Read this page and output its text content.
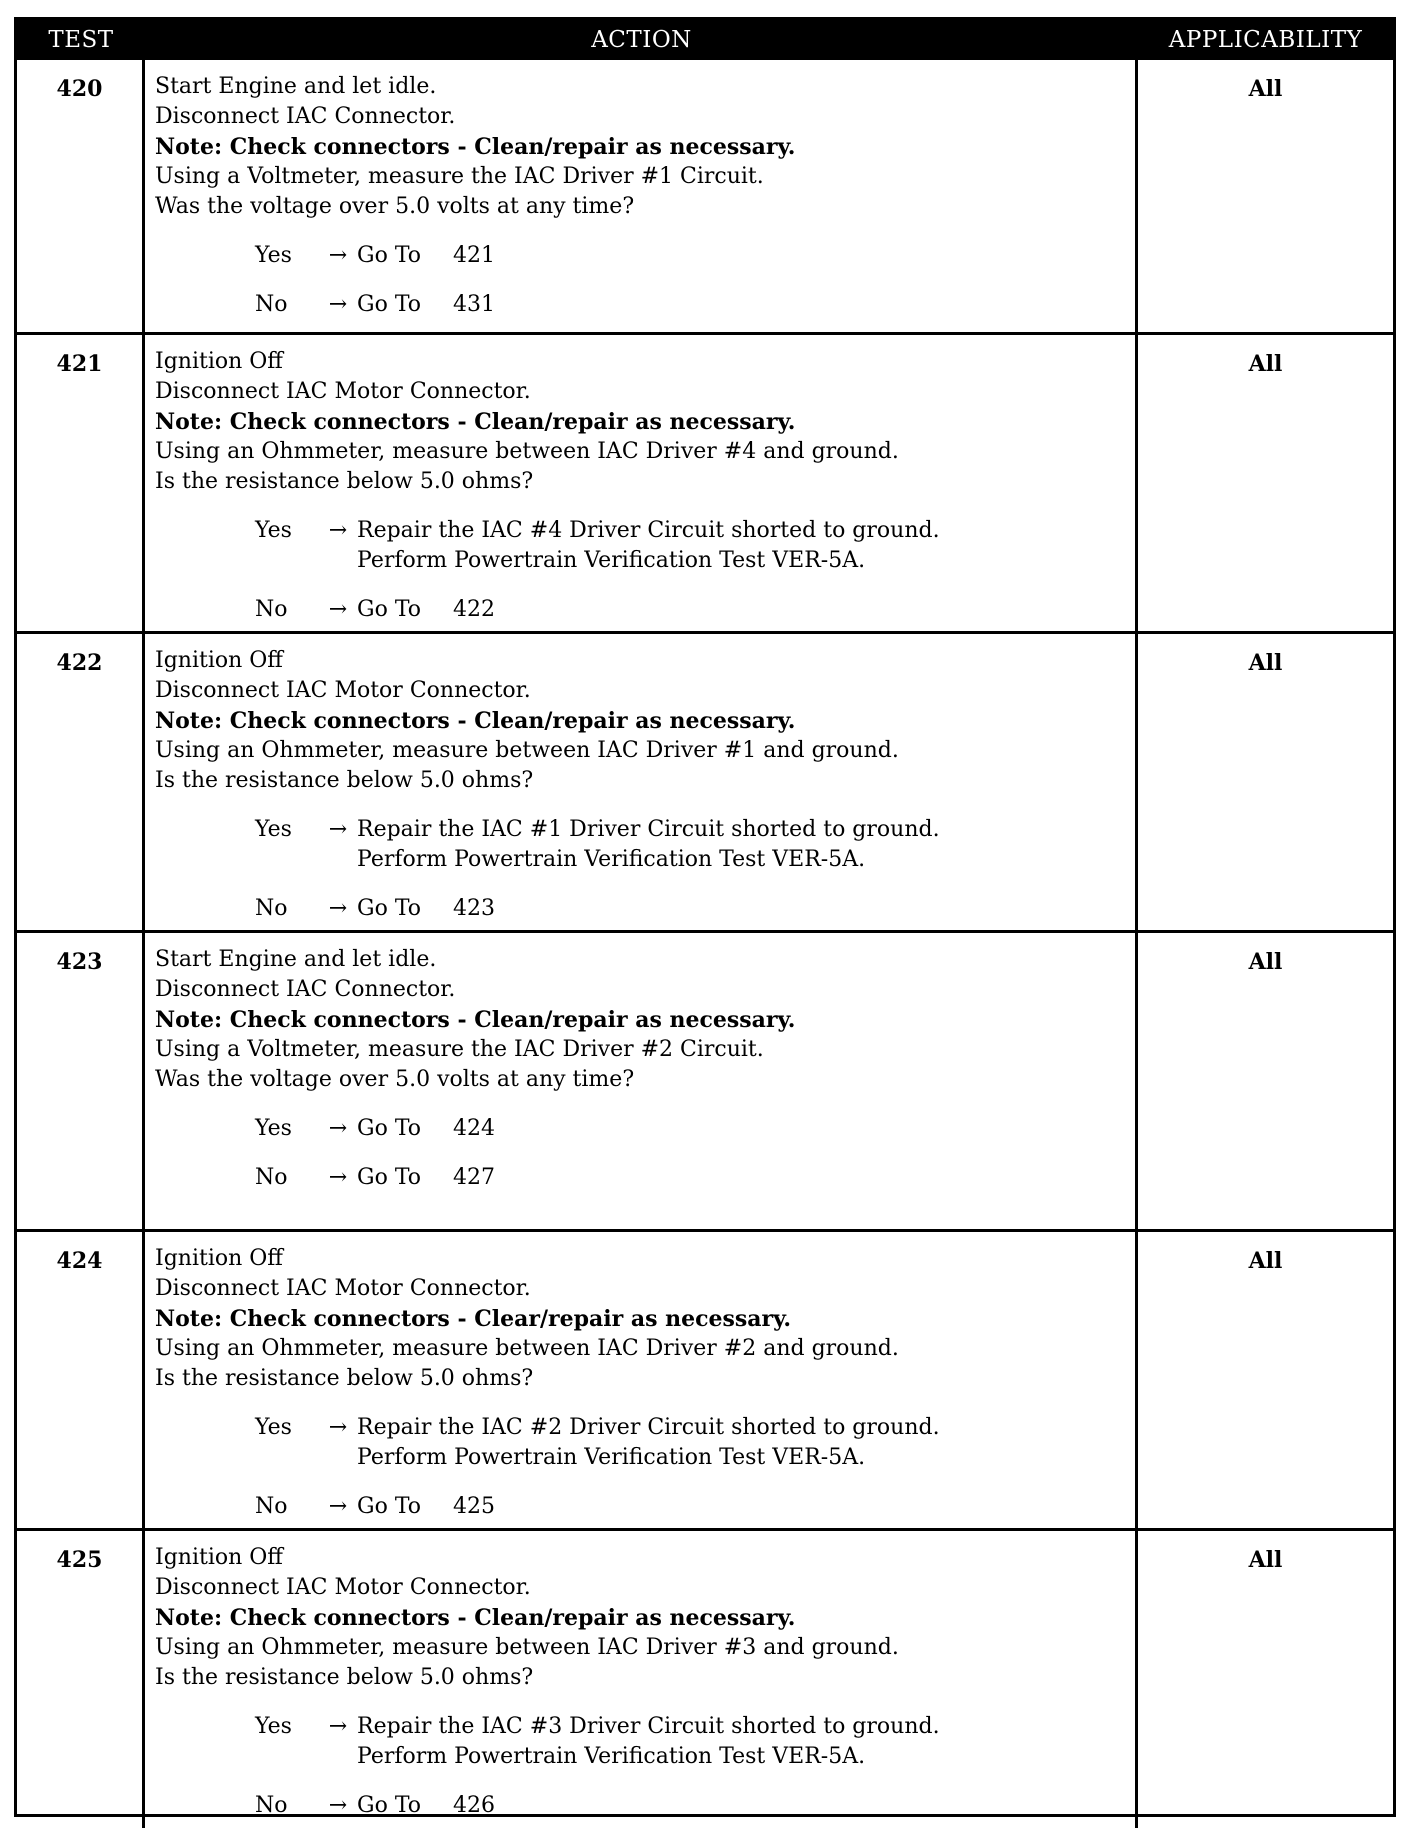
TEST	ACTION	APPLICABILITY
420	Start Engine and let idle.
Disconnect IAC Connector.
Note: Check connectors - Clean/repair as necessary.
Using a Voltmeter, measure the IAC Driver #1 Circuit.
Was the voltage over 5.0 volts at any time?
Yes	→ Go To 421
No	→ Go To 431
All
421	Ignition Off
Disconnect IAC Motor Connector.
Note: Check connectors - Clean/repair as necessary.
Using an Ohmmeter, measure between IAC Driver #4 and ground.
Is the resistance below 5.0 ohms?
Yes	→ Repair the IAC #4 Driver Circuit shorted to ground.
Perform Powertrain Verification Test VER-5A.
No	→ Go To 422
All
422	Ignition Off
Disconnect IAC Motor Connector.
Note: Check connectors - Clean/repair as necessary.
Using an Ohmmeter, measure between IAC Driver #1 and ground.
Is the resistance below 5.0 ohms?
Yes	→ Repair the IAC #1 Driver Circuit shorted to ground.
Perform Powertrain Verification Test VER-5A.
No	→ Go To 423
All
423	Start Engine and let idle.
Disconnect IAC Connector.
Note: Check connectors - Clean/repair as necessary.
Using a Voltmeter, measure the IAC Driver #2 Circuit.
Was the voltage over 5.0 volts at any time?
Yes	→ Go To 424
No	→ Go To 427
All
424	Ignition Off
Disconnect IAC Motor Connector.
Note: Check connectors - Clear/repair as necessary.
Using an Ohmmeter, measure between IAC Driver #2 and ground.
Is the resistance below 5.0 ohms?
Yes	→ Repair the IAC #2 Driver Circuit shorted to ground.
Perform Powertrain Verification Test VER-5A.
No	→ Go To 425
All
425	Ignition Off
Disconnect IAC Motor Connector.
Note: Check connectors - Clean/repair as necessary.
Using an Ohmmeter, measure between IAC Driver #3 and ground.
Is the resistance below 5.0 ohms?
Yes	→ Repair the IAC #3 Driver Circuit shorted to ground.
Perform Powertrain Verification Test VER-5A.
No	→ Go To 426
All
